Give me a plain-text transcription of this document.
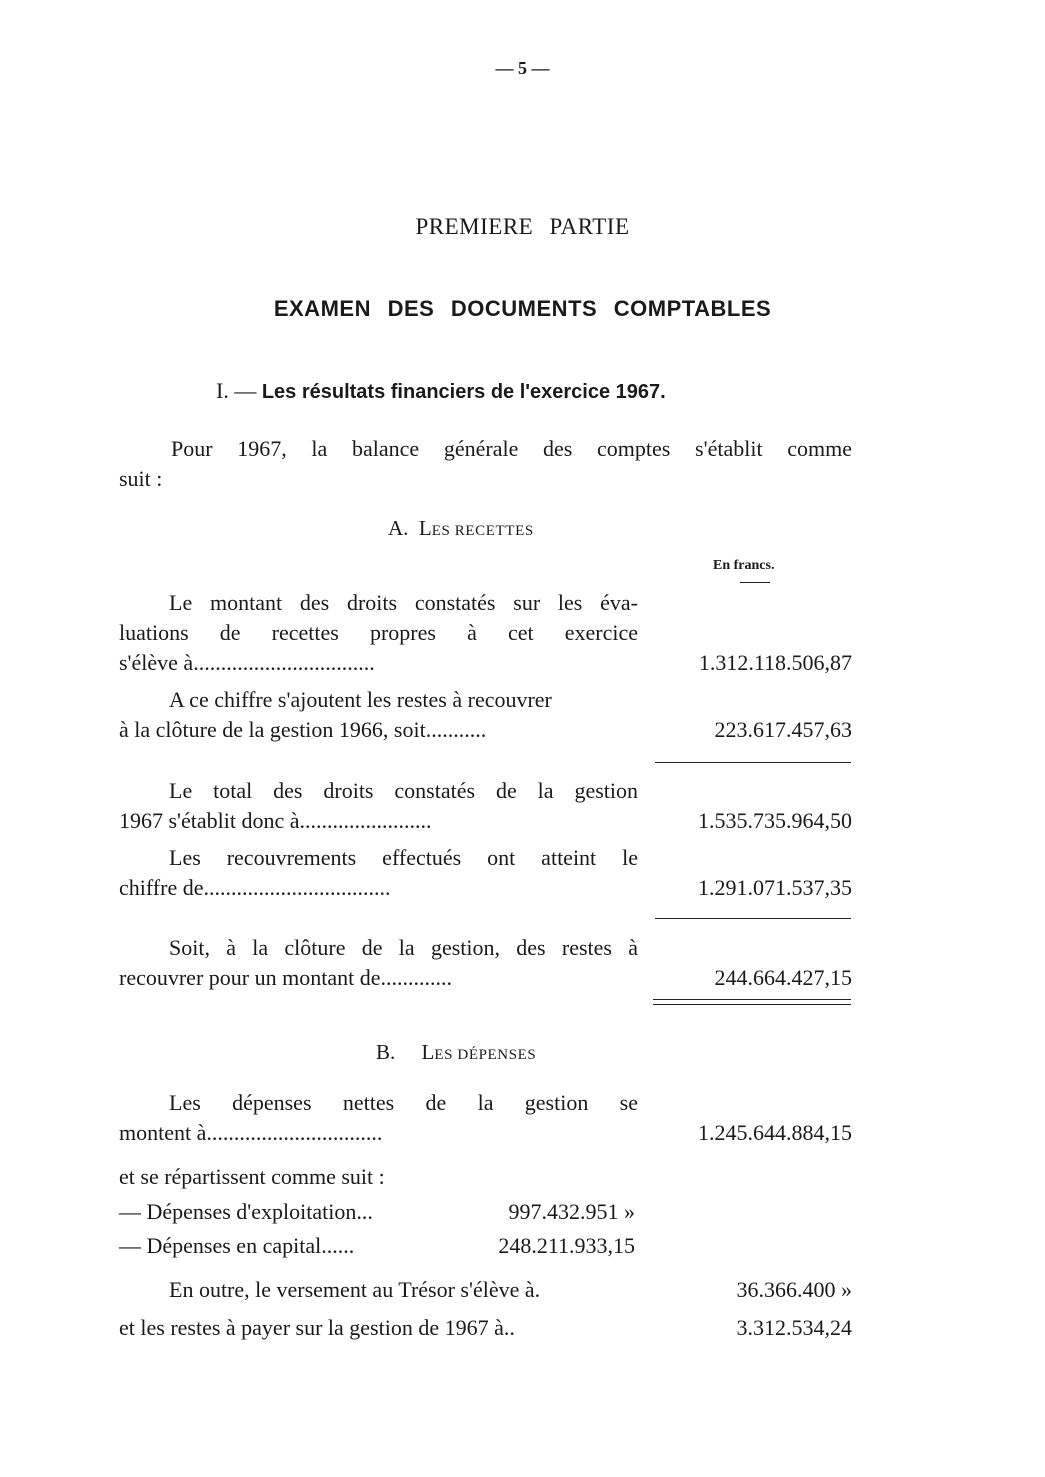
— 5 —
PREMIERE PARTIE
EXAMEN DES DOCUMENTS COMPTABLES
I. — Les résultats financiers de l'exercice 1967.
Pour 1967, la balance générale des comptes s'établit comme
suit :
A. LES RECETTES
En francs.
Le montant des droits constatés sur les éva-
luations de recettes propres à cet exercice
s'élève à.................................	1.312.118.506,87
A ce chiffre s'ajoutent les restes à recouvrer
à la clôture de la gestion 1966, soit...........	223.617.457,63
Le total des droits constatés de la gestion
1967 s'établit donc à........................	1.535.735.964,50
Les recouvrements effectués ont atteint le
chiffre de..................................	1.291.071.537,35
Soit, à la clôture de la gestion, des restes à
recouvrer pour un montant de.............	244.664.427,15
B. LES DÉPENSES
Les dépenses nettes de la gestion se
montent à................................	1.245.644.884,15
et se répartissent comme suit :
— Dépenses d'exploitation...	997.432.951 »
— Dépenses en capital......	248.211.933,15
En outre, le versement au Trésor s'élève à.	36.366.400 »
et les restes à payer sur la gestion de 1967 à..	3.312.534,24
